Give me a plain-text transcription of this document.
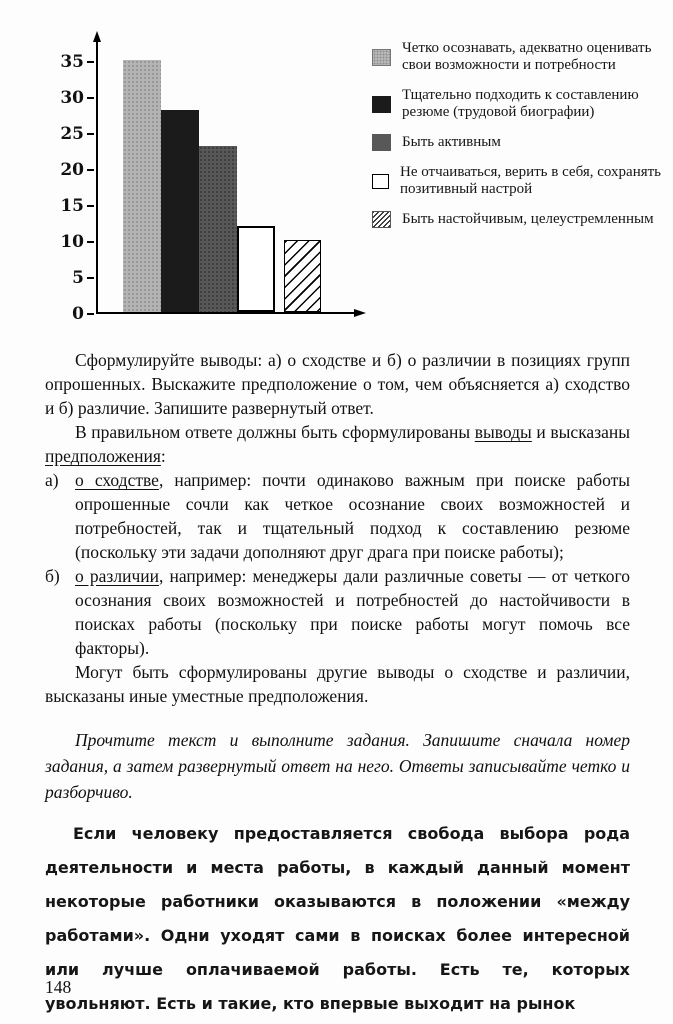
35
30
25
20
15
10
5
0
Четко осознавать, адекватно оценивать свои возможности и потребности
Тщательно подходить к составлению резюме (трудовой биографии)
Быть активным
Не отчаиваться, верить в себя, сохранять позитивный настрой
Быть настойчивым, целеустремленным

Сформулируйте выводы: а) о сходстве и б) о различии в позициях групп опрошенных. Выскажите предположение о том, чем объясняется а) сходство и б) различие. Запишите развернутый ответ.

В правильном ответе должны быть сформулированы выводы и высказаны предположения:

а) о сходстве, например: почти одинаково важным при поиске работы опрошенные сочли как четкое осознание своих возможностей и потребностей, так и тщательный подход к составлению резюме (поскольку эти задачи дополняют друг драга при поиске работы);

б) о различии, например: менеджеры дали различные советы — от четкого осознания своих возможностей и потребностей до настойчивости в поисках работы (поскольку при поиске работы могут помочь все факторы).

Могут быть сформулированы другие выводы о сходстве и различии, высказаны иные уместные предположения.

Прочтите текст и выполните задания. Запишите сначала номер задания, а затем развернутый ответ на него. Ответы записывайте четко и разборчиво.

Если человеку предоставляется свобода выбора рода деятельности и места работы, в каждый данный момент некоторые работники оказываются в положении «между работами». Одни уходят сами в поисках более интересной или лучше оплачиваемой работы. Есть те, которых увольняют. Есть и такие, кто впервые выходит на рынок

148
